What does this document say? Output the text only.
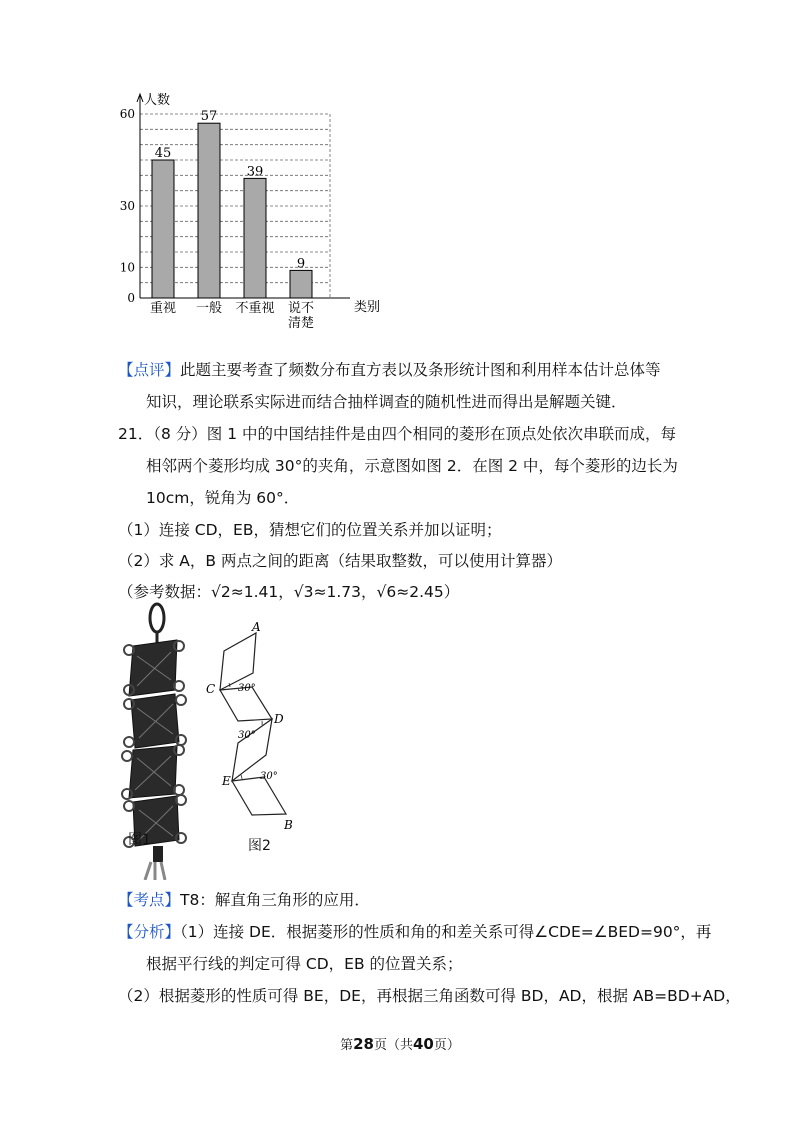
人数
类别
0
10
30
60
45
重视
57
一般
39
不重视
9
说不
清楚
【点评】此题主要考查了频数分布直方表以及条形统计图和利用样本估计总体等
知识，理论联系实际进而结合抽样调查的随机性进而得出是解题关键．
21．（8 分）图 1 中的中国结挂件是由四个相同的菱形在顶点处依次串联而成，每
相邻两个菱形均成 30°的夹角，示意图如图 2．在图 2 中，每个菱形的边长为
10cm，锐角为 60°．
（1）连接 CD，EB，猜想它们的位置关系并加以证明；
（2）求 A，B 两点之间的距离（结果取整数，可以使用计算器）
（参考数据：√2≈1.41，√3≈1.73，√6≈2.45）
图1
A
C
D
E
B
30°
30°
30°
图2
【考点】T8：解直角三角形的应用．
【分析】（1）连接 DE．根据菱形的性质和角的和差关系可得∠CDE=∠BED=90°，再
根据平行线的判定可得 CD，EB 的位置关系；
（2）根据菱形的性质可得 BE，DE，再根据三角函数可得 BD，AD，根据 AB=BD+AD，
第28页（共40页）
